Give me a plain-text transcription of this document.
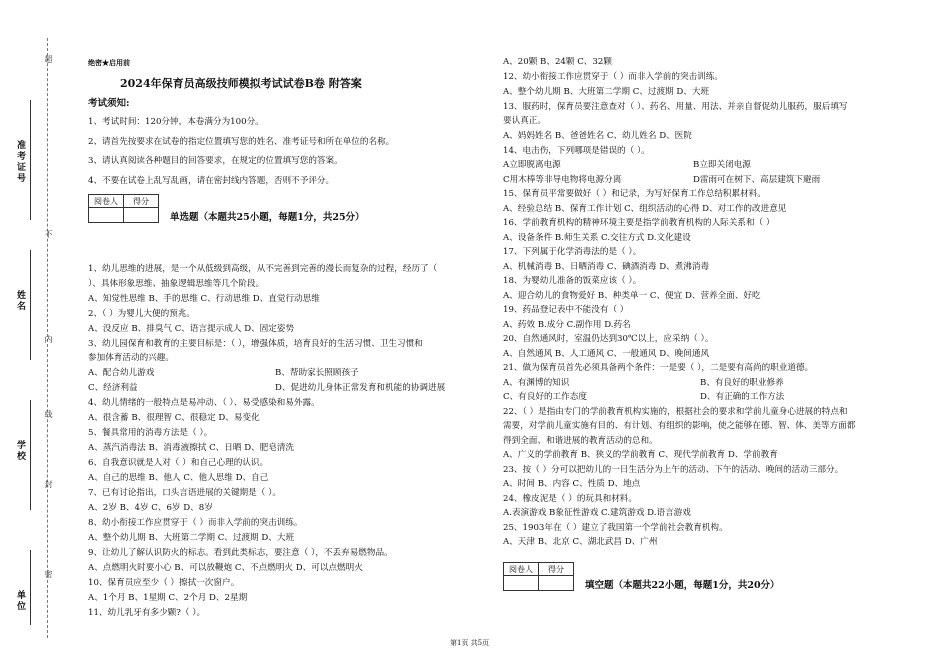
超
不
内
线
封
密
准考证号
姓名
学校
单位
绝密★启用前
2024年保育员高级技师模拟考试试卷B卷 附答案
考试须知:
1、考试时间：120分钟，本卷满分为100分。
2、请首先按要求在试卷的指定位置填写您的姓名、准考证号和所在单位的名称。
3、请认真阅读各种题目的回答要求，在规定的位置填写您的答案。
4、不要在试卷上乱写乱画，请在密封线内答题，否则不予评分。
阅卷人	得分

单选题（本题共25小题，每题1分，共25分）
1、幼儿思维的进展，是一个从低级到高级，从不完善到完善的漫长而复杂的过程，经历了（
）、具体形象思维、抽象逻辑思维等几个阶段。
A、知觉性思维 B、手的思维 C、行动思维 D、直觉行动思维
2、（ ）为婴儿大便的预兆。
A、没反应 B、排臭气 C、语言提示成人 D、固定姿势
3、幼儿园保育和教育的主要目标是：（ ），增强体质，培育良好的生活习惯、卫生习惯和
参加体育活动的兴趣。
A、配合幼儿游戏	B、帮助家长照顾孩子
C、经济利益	D、促进幼儿身体正常发育和机能的协调进展
4、幼儿情绪的一般特点是易冲动、（ ）、易受感染和易外露。
A、很含蓄 B、很理智 C、很稳定 D、易变化
5、餐具常用的消毒方法是（ ）。
A、蒸汽消毒法 B、消毒液擦拭 C、日晒 D、肥皂清洗
6、自我意识就是人对（ ）和自己心理的认识。
A、自己的思维 B、他人 C、他人思维 D、自己
7、已有讨论指出，口头言语进展的关键期是（ ）。
A、2岁 B、4岁 C、6岁 D、8岁
8、幼小衔接工作应贯穿于（ ）而非入学前的突击训练。
A、整个幼儿期 B、大班第二学期 C、过渡期 D、大班
9、让幼儿了解认识防火的标志。看到此类标志，要注意（ ），不丢弃易燃物品。
A、点燃明火时要小心 B、可以放鞭炮 C、不点燃明火 D、可以点燃明火
10、保育员应至少（ ）擦拭一次窗户。
A、1个月 B、1星期 C、2个月 D、2星期
11、幼儿乳牙有多少颗?（ ）。
A、20颗 B、24颗 C、32颗
12、幼小衔接工作应贯穿于（ ）而非入学前的突击训练。
A、整个幼儿期 B、大班第二学期 C、过渡期 D、大班
13、服药时，保育员要注意查对（ ）、药名、用量、用法、并亲自督促幼儿服药，服后填写
要认真正。
A、妈妈姓名 B、爸爸姓名 C、幼儿姓名 D、医院
14、电击伤，下列哪项是错误的（ ）。
A立即脱离电源	B立即关闭电源
C用木棒等非导电物将电源分离	D雷雨可在树下、高层建筑下避雨
15、保育员平常要做好（ ）和记录，为写好保育工作总结积累材料。
A、经验总结 B、保育工作计划 C、组织活动的心得 D、对工作的改进意见
16、学前教育机构的精神环境主要是指学前教育机构的人际关系和（ ）
A、设备条件 B.师生关系 C.交往方式 D.文化建设
17、下列属于化学消毒法的是（ ）。
A、机械消毒 B、日晒消毒 C、碘酒消毒 D、煮沸消毒
18、为婴幼儿准备的饭菜应该（ ）。
A、迎合幼儿的食物爱好 B、种类单一 C、便宜 D、营养全面、好吃
19、药品登记表中不能没有（ ）
A、药效 B.成分 C.副作用 D.药名
20、自然通风时，室温仍达到30℃以上，应采纳（ ）。
A、自然通风 B、人工通风 C、一般通风 D、晚间通风
21、做为保育员首先必须具备两个条件：一是要（ ），二是要有高尚的职业道德。
A、有渊博的知识	B、有良好的职业修养
C、有良好的工作态度	D、有正确的工作方法
22、（ ）是指由专门的学前教育机构实施的，根据社会的要求和学前儿童身心进展的特点和
需要，对学前儿童实施有目的、有计划、有组织的影响，使之能够在德、智、体、美等方面都
得到全面、和谐进展的教育活动的总和。
A、广义的学前教育 B、狭义的学前教育 C、现代学前教育 D、学前教育
23、按（ ）分可以把幼儿的一日生活分为上午的活动、下午的活动、晚间的活动三部分。
A、时间 B、内容 C、性质 D、地点
24、橡皮泥是（ ）的玩具和材料。
A.表演游戏 B象征性游戏 C.建筑游戏 D.语言游戏
25、1903年在（ ）建立了我国第一个学前社会教育机构。
A、天津 B、北京 C、湖北武昌 D、广州
阅卷人	得分

填空题（本题共22小题，每题1分，共20分）
第1页 共5页
